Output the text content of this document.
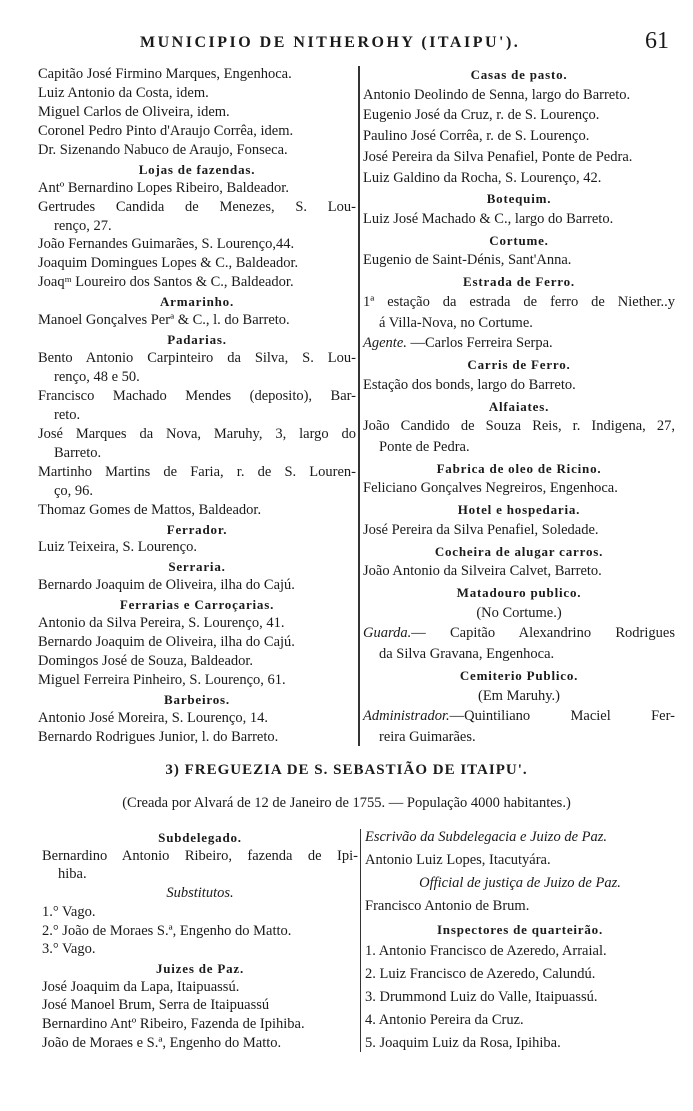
MUNICIPIO DE NITHEROHY (ITAIPU').	61
Capitão José Firmino Marques, Engenhoca.
Luiz Antonio da Costa, idem.
Miguel Carlos de Oliveira, idem.
Coronel Pedro Pinto d'Araujo Corrêa, idem.
Dr. Sizenando Nabuco de Araujo, Fonseca.
Lojas de fazendas.
Antº Bernardino Lopes Ribeiro, Baldeador.
Gertrudes Candida de Menezes, S. Lou-
renço, 27.
João Fernandes Guimarães, S. Lourenço,44.
Joaquim Domingues Lopes & C., Baldeador.
Joaqᵐ Loureiro dos Santos & C., Baldeador.
Armarinho.
Manoel Gonçalves Perª & C., l. do Barreto.
Padarias.
Bento Antonio Carpinteiro da Silva, S. Lou-
renço, 48 e 50.
Francisco Machado Mendes (deposito), Bar-
reto.
José Marques da Nova, Maruhy, 3, largo do
Barreto.
Martinho Martins de Faria, r. de S. Louren-
ço, 96.
Thomaz Gomes de Mattos, Baldeador.
Ferrador.
Luiz Teixeira, S. Lourenço.
Serraria.
Bernardo Joaquim de Oliveira, ilha do Cajú.
Ferrarias e Carroçarias.
Antonio da Silva Pereira, S. Lourenço, 41.
Bernardo Joaquim de Oliveira, ilha do Cajú.
Domingos José de Souza, Baldeador.
Miguel Ferreira Pinheiro, S. Lourenço, 61.
Barbeiros.
Antonio José Moreira, S. Lourenço, 14.
Bernardo Rodrigues Junior, l. do Barreto.
Casas de pasto.
Antonio Deolindo de Senna, largo do Barreto.
Eugenio José da Cruz, r. de S. Lourenço.
Paulino José Corrêa, r. de S. Lourenço.
José Pereira da Silva Penafiel, Ponte de Pedra.
Luiz Galdino da Rocha, S. Lourenço, 42.
Botequim.
Luiz José Machado & C., largo do Barreto.
Cortume.
Eugenio de Saint-Dénis, Sant'Anna.
Estrada de Ferro.
1ª estação da estrada de ferro de Niether..y
á Villa-Nova, no Cortume.
Agente. —Carlos Ferreira Serpa.
Carris de Ferro.
Estação dos bonds, largo do Barreto.
Alfaiates.
João Candido de Souza Reis, r. Indigena, 27,
Ponte de Pedra.
Fabrica de oleo de Ricino.
Feliciano Gonçalves Negreiros, Engenhoca.
Hotel e hospedaria.
José Pereira da Silva Penafiel, Soledade.
Cocheira de alugar carros.
João Antonio da Silveira Calvet, Barreto.
Matadouro publico.
(No Cortume.)
Guarda.— Capitão Alexandrino Rodrigues
da Silva Gravana, Engenhoca.
Cemiterio Publico.
(Em Maruhy.)
Administrador.—Quintiliano Maciel Fer-
reira Guimarães.
3) FREGUEZIA DE S. SEBASTIÃO DE ITAIPU'.
(Creada por Alvará de 12 de Janeiro de 1755. — População 4000 habitantes.)
Subdelegado.
Bernardino Antonio Ribeiro, fazenda de Ipi-
hiba.
Substitutos.
1.° Vago.
2.° João de Moraes S.ª, Engenho do Matto.
3.° Vago.
Juizes de Paz.
José Joaquim da Lapa, Itaipuassú.
José Manoel Brum, Serra de Itaipuassú
Bernardino Antº Ribeiro, Fazenda de Ipihiba.
João de Moraes e S.ª, Engenho do Matto.
Escrivão da Subdelegacia e Juizo de Paz.
Antonio Luiz Lopes, Itacutyára.
Official de justiça de Juizo de Paz.
Francisco Antonio de Brum.
Inspectores de quarteirão.
1. Antonio Francisco de Azeredo, Arraial.
2. Luiz Francisco de Azeredo, Calundú.
3. Drummond Luiz do Valle, Itaipuassú.
4. Antonio Pereira da Cruz.
5. Joaquim Luiz da Rosa, Ipihiba.
